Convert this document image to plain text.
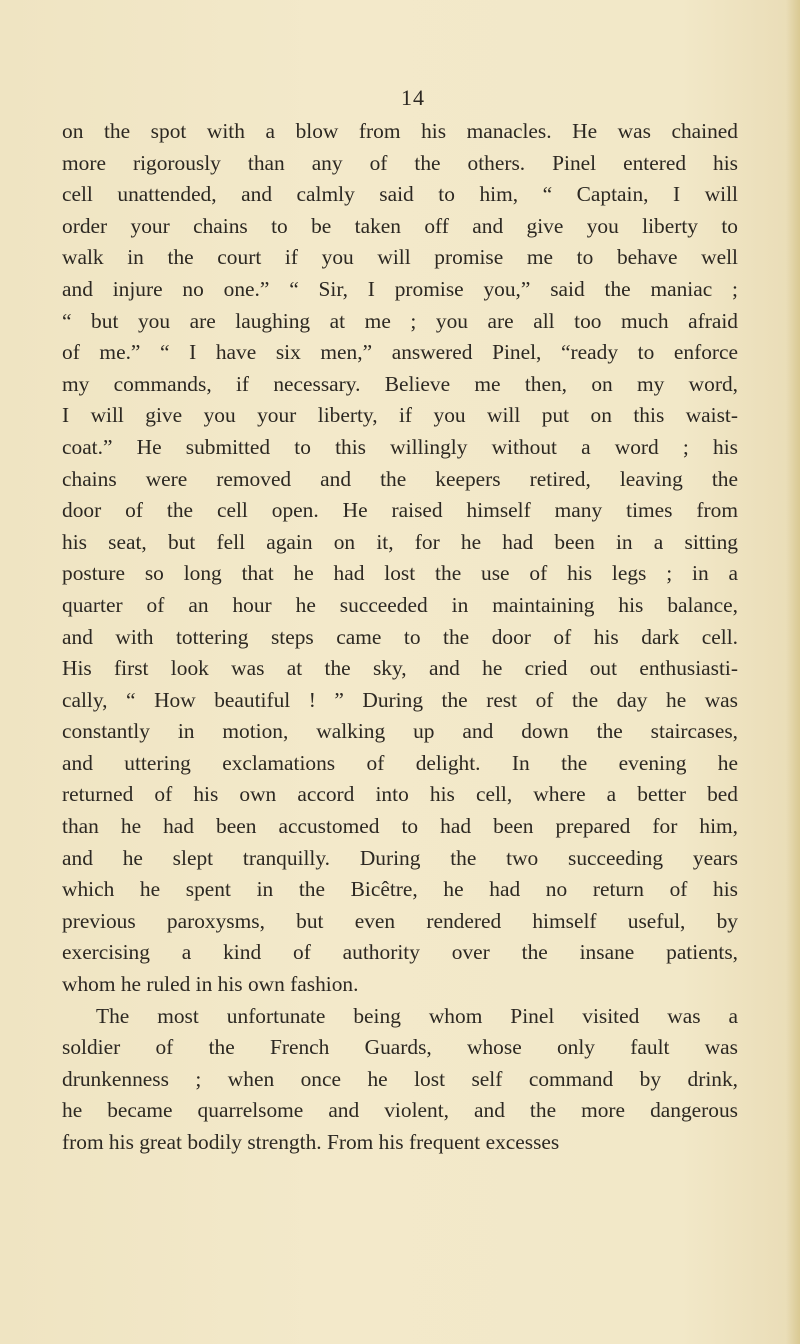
14
on the spot with a blow from his manacles. He was chained
more rigorously than any of the others. Pinel entered his
cell unattended, and calmly said to him, “ Captain, I will
order your chains to be taken off and give you liberty to
walk in the court if you will promise me to behave well
and injure no one.” “ Sir, I promise you,” said the maniac ;
“ but you are laughing at me ; you are all too much afraid
of me.” “ I have six men,” answered Pinel, “ready to enforce
my commands, if necessary. Believe me then, on my word,
I will give you your liberty, if you will put on this waist-
coat.” He submitted to this willingly without a word ; his
chains were removed and the keepers retired, leaving the
door of the cell open. He raised himself many times from
his seat, but fell again on it, for he had been in a sitting
posture so long that he had lost the use of his legs ; in a
quarter of an hour he succeeded in maintaining his balance,
and with tottering steps came to the door of his dark cell.
His first look was at the sky, and he cried out enthusiasti-
cally, “ How beautiful ! ” During the rest of the day he was
constantly in motion, walking up and down the staircases,
and uttering exclamations of delight. In the evening he
returned of his own accord into his cell, where a better bed
than he had been accustomed to had been prepared for him,
and he slept tranquilly. During the two succeeding years
which he spent in the Bicêtre, he had no return of his
previous paroxysms, but even rendered himself useful, by
exercising a kind of authority over the insane patients,
whom he ruled in his own fashion.
The most unfortunate being whom Pinel visited was a
soldier of the French Guards, whose only fault was
drunkenness ; when once he lost self command by drink,
he became quarrelsome and violent, and the more dangerous
from his great bodily strength. From his frequent excesses
